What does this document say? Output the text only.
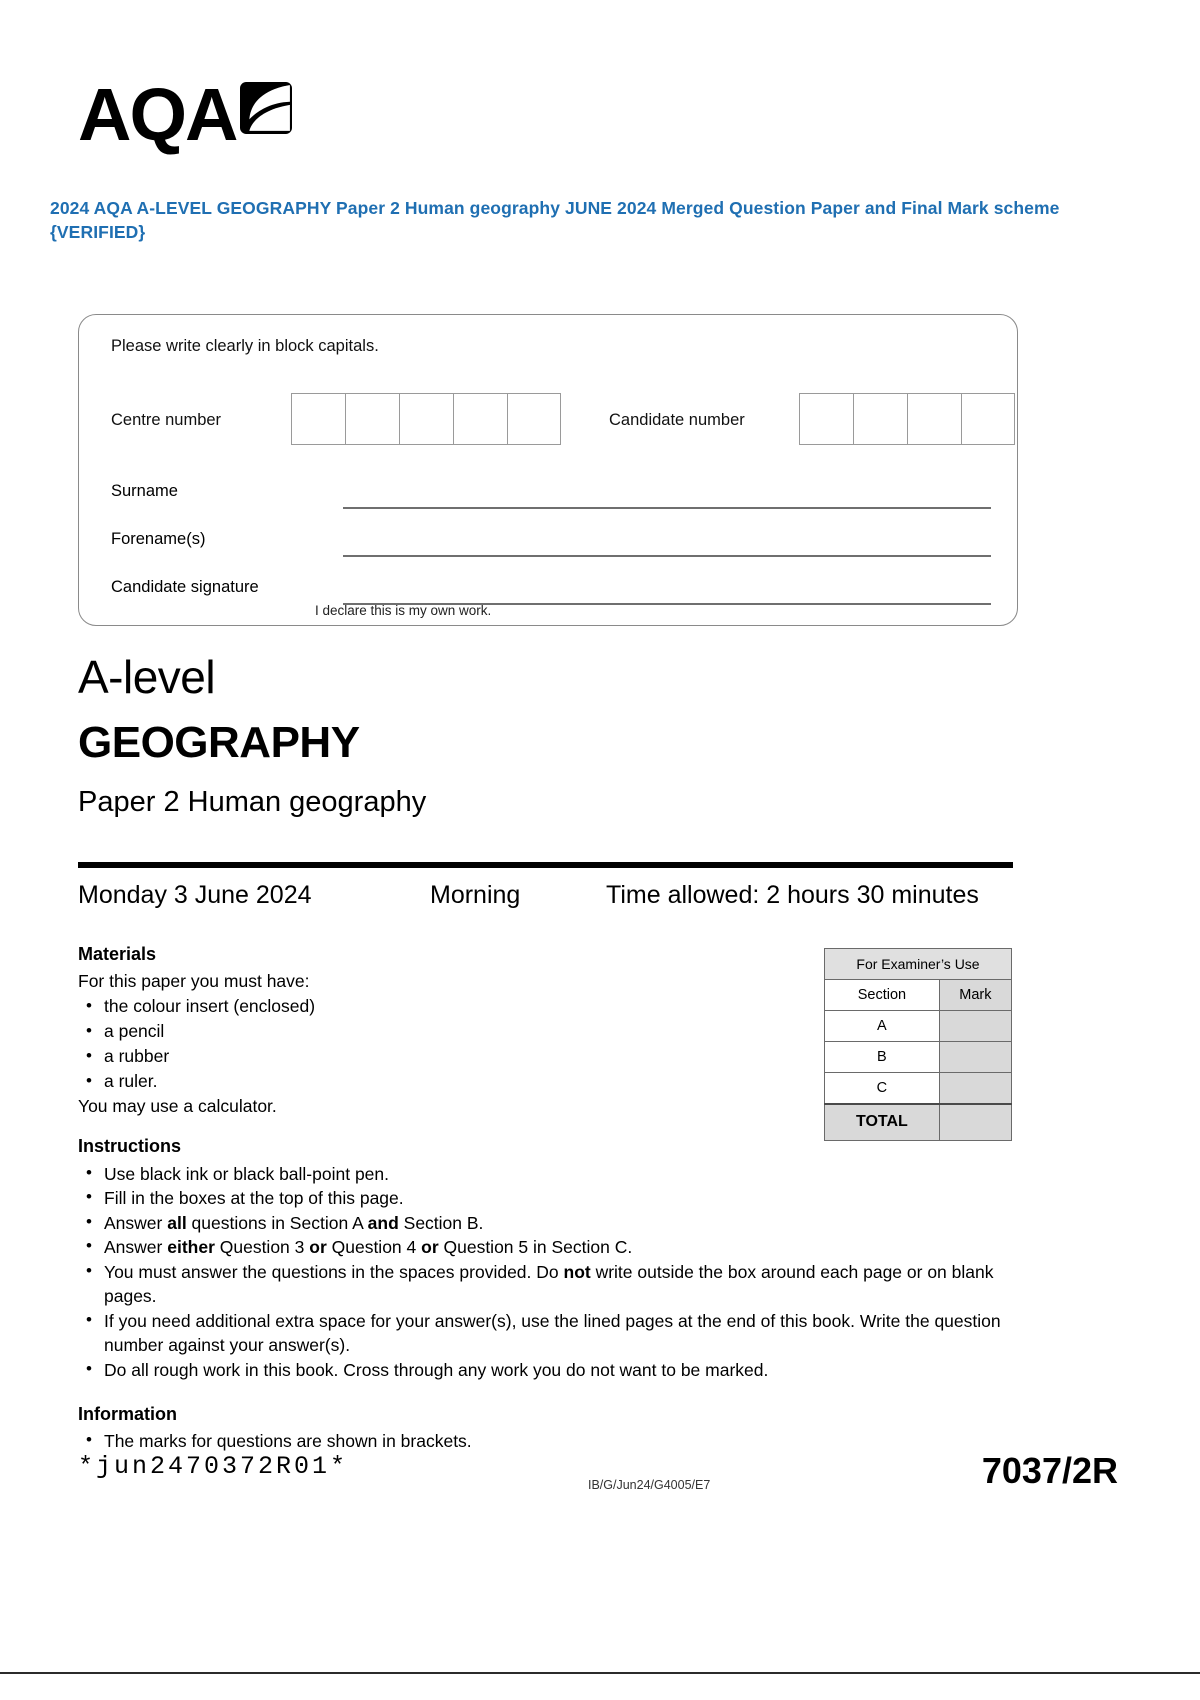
AQA
2024 AQA A-LEVEL GEOGRAPHY Paper 2 Human geography JUNE 2024 Merged Question Paper and Final Mark scheme {VERIFIED}
Please write clearly in block capitals.
Centre number	Candidate number
Surname
Forename(s)
Candidate signature
I declare this is my own work.
A-level
GEOGRAPHY
Paper 2 Human geography
Monday 3 June 2024	Morning	Time allowed: 2 hours 30 minutes
Materials
For this paper you must have:
• the colour insert (enclosed)
• a pencil
• a rubber
• a ruler.
You may use a calculator.
For Examiner’s Use	
Section	Mark
A	
B	
C	
TOTAL	
Instructions
• Use black ink or black ball-point pen.
• Fill in the boxes at the top of this page.
• Answer all questions in Section A and Section B.
• Answer either Question 3 or Question 4 or Question 5 in Section C.
• You must answer the questions in the spaces provided. Do not write outside the box around each page or on blank pages.
• If you need additional extra space for your answer(s), use the lined pages at the end of this book. Write the question number against your answer(s).
• Do all rough work in this book. Cross through any work you do not want to be marked.
Information
• The marks for questions are shown in brackets.
*jun2470372R01*
IB/G/Jun24/G4005/E7	7037/2R
